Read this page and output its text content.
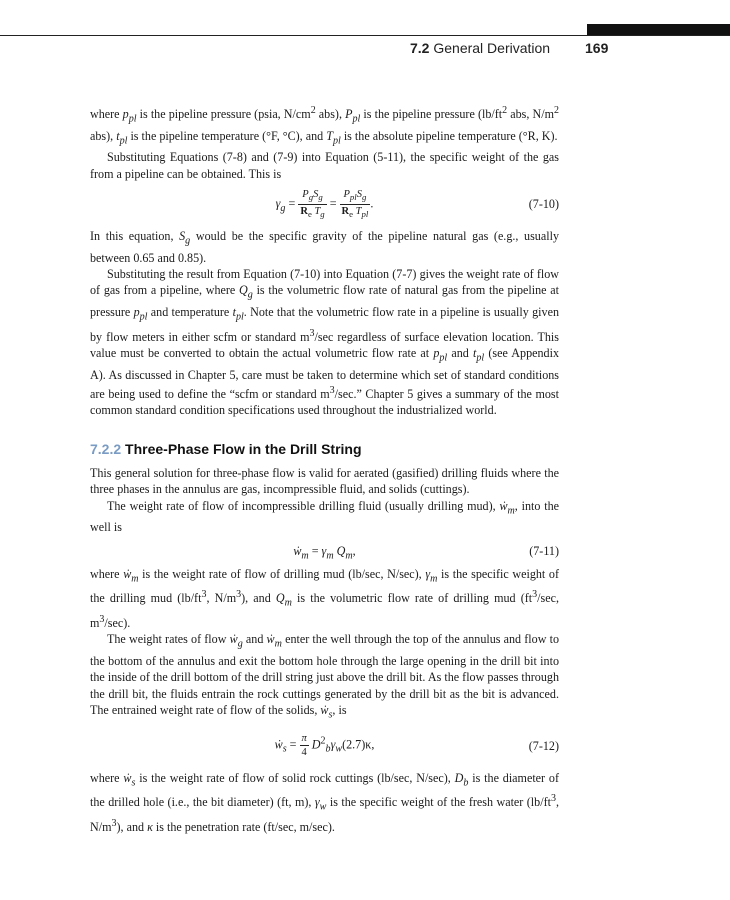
7.2 General Derivation 169

where $p_{pl}$ is the pipeline pressure (psia, $N/cm^2$ abs), $P_{pl}$ is the pipeline pressure ($lb/ft^2$ abs, $N/m^2$ abs), $t_{pl}$ is the pipeline temperature (°F, °C), and $T_{pl}$ is the absolute pipeline temperature (°R, K).

Substituting Equations (7-8) and (7-9) into Equation (5-11), the specific weight of the gas from a pipeline can be obtained. This is

$\gamma_g = \frac{P_gS_g}{R_e T_g} = \frac{P_{pl}S_g}{R_e T_{pl}}$ .	(7-10)

In this equation, $S_g$ would be the specific gravity of the pipeline natural gas (e.g., usually between 0.65 and 0.85).

Substituting the result from Equation (7-10) into Equation (7-7) gives the weight rate of flow of gas from a pipeline, where $Q_g$ is the volumetric flow rate of natural gas from the pipeline at pressure $p_{pl}$ and temperature $t_{pl}$. Note that the volumetric flow rate in a pipeline is usually given by flow meters in either scfm or standard $m^3/\sec$ regardless of surface elevation location. This value must be converted to obtain the actual volumetric flow rate at $p_{pl}$ and $t_{pl}$ (see Appendix A). As discussed in Chapter 5, care must be taken to determine which set of standard conditions are being used to define the “scfm or standard $m^3/\sec$.” Chapter 5 gives a summary of the most common standard condition specifications used throughout the industrialized world.

7.2.2 Three-Phase Flow in the Drill String

This general solution for three-phase flow is valid for aerated (gasified) drilling fluids where the three phases in the annulus are gas, incompressible fluid, and solids (cuttings).

The weight rate of flow of incompressible drilling fluid (usually drilling mud), ẇ$_m$, into the well is

ẇ$_m$ = $\gamma_m$ $Q_m$,	(7-11)

where ẇ$_m$ is the weight rate of flow of drilling mud (lb/sec, N/sec), $\gamma_m$ is the specific weight of the drilling mud ($lb/ft^3$, $N/m^3$), and $Q_m$ is the volumetric flow rate of drilling mud ($ft^3/\sec$, $m^3/\sec$).

The weight rates of flow ẇ$_g$ and ẇ$_m$ enter the well through the top of the annulus and flow to the bottom of the annulus and exit the bottom hole through the large opening in the drill bit into the inside of the drill bottom of the drill string just above the drill bit. As the flow passes through the drill bit, the fluids entrain the rock cuttings generated by the drill bit as the bit is advanced. The entrained weight rate of flow of the solids, ẇ$_s$, is

ẇ$_s$ = $\frac{\pi}{4} D^2_b\gamma_w(2.7)\kappa$,	(7-12)

where ẇ$_s$ is the weight rate of flow of solid rock cuttings (lb/sec, N/sec), $D_b$ is the diameter of the drilled hole (i.e., the bit diameter) (ft, m), $\gamma_w$ is the specific weight of the fresh water ($lb/ft^3$, $N/m^3$), and κ is the penetration rate (ft/sec, m/sec).
